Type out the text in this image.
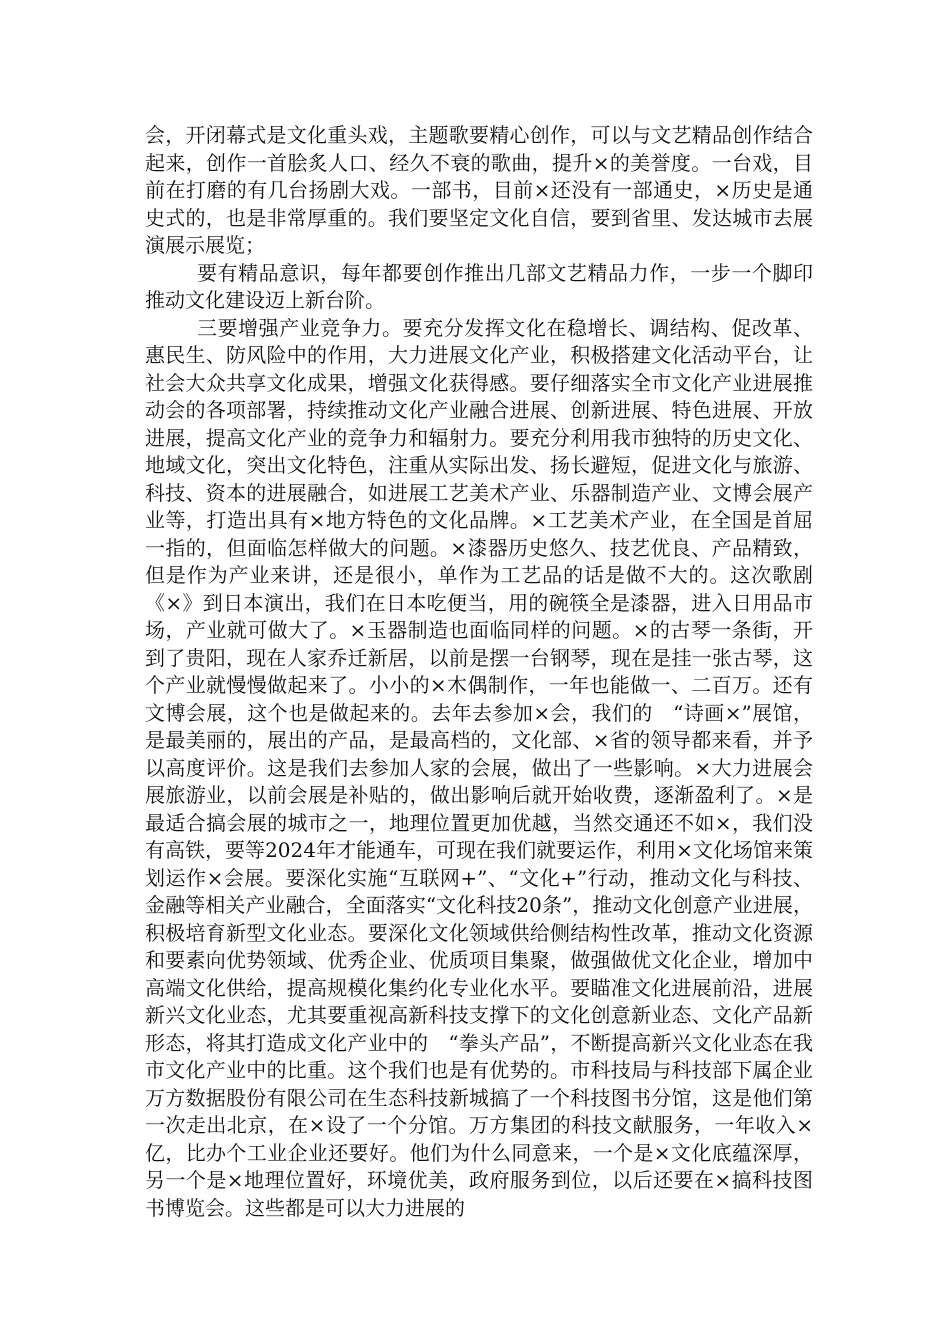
会，开闭幕式是文化重头戏，主题歌要精心创作，可以与文艺精品创作结合起来，创作一首脍炙人口、经久不衰的歌曲，提升×的美誉度。一台戏，目前在打磨的有几台扬剧大戏。一部书，目前×还没有一部通史，×历史是通史式的，也是非常厚重的。我们要坚定文化自信，要到省里、发达城市去展演展示展览；

要有精品意识，每年都要创作推出几部文艺精品力作，一步一个脚印推动文化建设迈上新台阶。

三要增强产业竞争力。要充分发挥文化在稳增长、调结构、促改革、惠民生、防风险中的作用，大力进展文化产业，积极搭建文化活动平台，让社会大众共享文化成果，增强文化获得感。要仔细落实全市文化产业进展推动会的各项部署，持续推动文化产业融合进展、创新进展、特色进展、开放进展，提高文化产业的竞争力和辐射力。要充分利用我市独特的历史文化、地域文化，突出文化特色，注重从实际出发、扬长避短，促进文化与旅游、科技、资本的进展融合，如进展工艺美术产业、乐器制造产业、文博会展产业等，打造出具有×地方特色的文化品牌。×工艺美术产业，在全国是首屈一指的，但面临怎样做大的问题。×漆器历史悠久、技艺优良、产品精致，但是作为产业来讲，还是很小，单作为工艺品的话是做不大的。这次歌剧《×》到日本演出，我们在日本吃便当，用的碗筷全是漆器，进入日用品市场，产业就可做大了。×玉器制造也面临同样的问题。×的古琴一条街，开到了贵阳，现在人家乔迁新居，以前是摆一台钢琴，现在是挂一张古琴，这个产业就慢慢做起来了。小小的×木偶制作，一年也能做一、二百万。还有文博会展，这个也是做起来的。去年去参加×会，我们的　“诗画×”展馆，是最美丽的，展出的产品，是最高档的，文化部、×省的领导都来看，并予以高度评价。这是我们去参加人家的会展，做出了一些影响。×大力进展会展旅游业，以前会展是补贴的，做出影响后就开始收费，逐渐盈利了。×是最适合搞会展的城市之一，地理位置更加优越，当然交通还不如×，我们没有高铁，要等2024年才能通车，可现在我们就要运作，利用×文化场馆来策划运作×会展。要深化实施“互联网+”、“文化+”行动，推动文化与科技、金融等相关产业融合，全面落实“文化科技20条”，推动文化创意产业进展，积极培育新型文化业态。要深化文化领域供给侧结构性改革，推动文化资源和要素向优势领域、优秀企业、优质项目集聚，做强做优文化企业，增加中高端文化供给，提高规模化集约化专业化水平。要瞄准文化进展前沿，进展新兴文化业态，尤其要重视高新科技支撑下的文化创意新业态、文化产品新形态，将其打造成文化产业中的　“拳头产品”，不断提高新兴文化业态在我市文化产业中的比重。这个我们也是有优势的。市科技局与科技部下属企业万方数据股份有限公司在生态科技新城搞了一个科技图书分馆，这是他们第一次走出北京，在×设了一个分馆。万方集团的科技文献服务，一年收入×亿，比办个工业企业还要好。他们为什么同意来，一个是×文化底蕴深厚，另一个是×地理位置好，环境优美，政府服务到位，以后还要在×搞科技图书博览会。这些都是可以大力进展的
